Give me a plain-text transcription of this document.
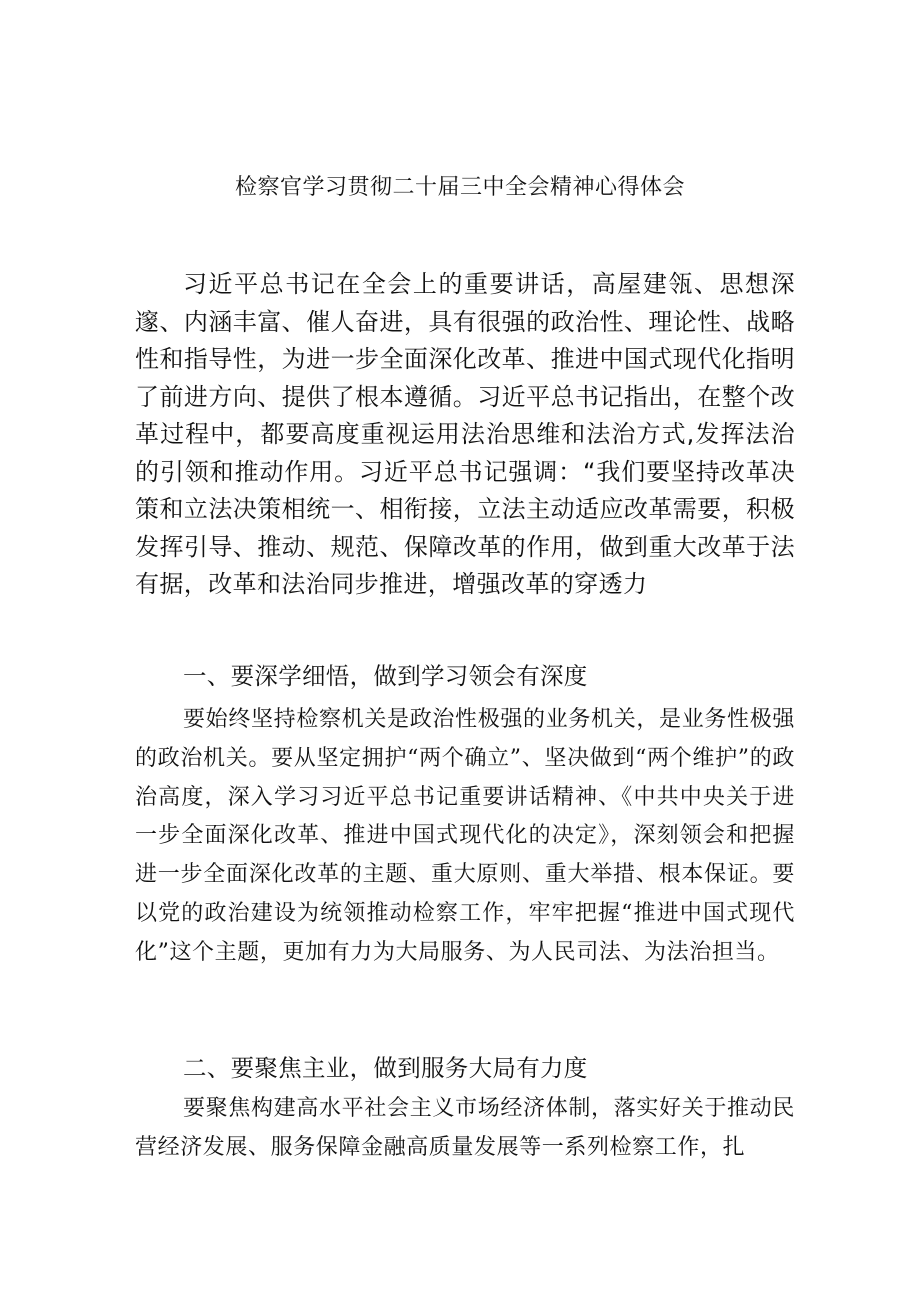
检察官学习贯彻二十届三中全会精神心得体会
习近平总书记在全会上的重要讲话，高屋建瓴、思想深邃、内涵丰富、催人奋进，具有很强的政治性、理论性、战略性和指导性，为进一步全面深化改革、推进中国式现代化指明了前进方向、提供了根本遵循。习近平总书记指出，在整个改革过程中，都要高度重视运用法治思维和法治方式,发挥法治的引领和推动作用。习近平总书记强调：“我们要坚持改革决策和立法决策相统一、相衔接，立法主动适应改革需要，积极发挥引导、推动、规范、保障改革的作用，做到重大改革于法有据，改革和法治同步推进，增强改革的穿透力
一、要深学细悟，做到学习领会有深度
要始终坚持检察机关是政治性极强的业务机关，是业务性极强的政治机关。要从坚定拥护“两个确立”、坚决做到“两个维护”的政治高度，深入学习习近平总书记重要讲话精神、《中共中央关于进一步全面深化改革、推进中国式现代化的决定》，深刻领会和把握进一步全面深化改革的主题、重大原则、重大举措、根本保证。要以党的政治建设为统领推动检察工作，牢牢把握“推进中国式现代化”这个主题，更加有力为大局服务、为人民司法、为法治担当。
二、要聚焦主业，做到服务大局有力度
要聚焦构建高水平社会主义市场经济体制，落实好关于推动民营经济发展、服务保障金融高质量发展等一系列检察工作，扎
